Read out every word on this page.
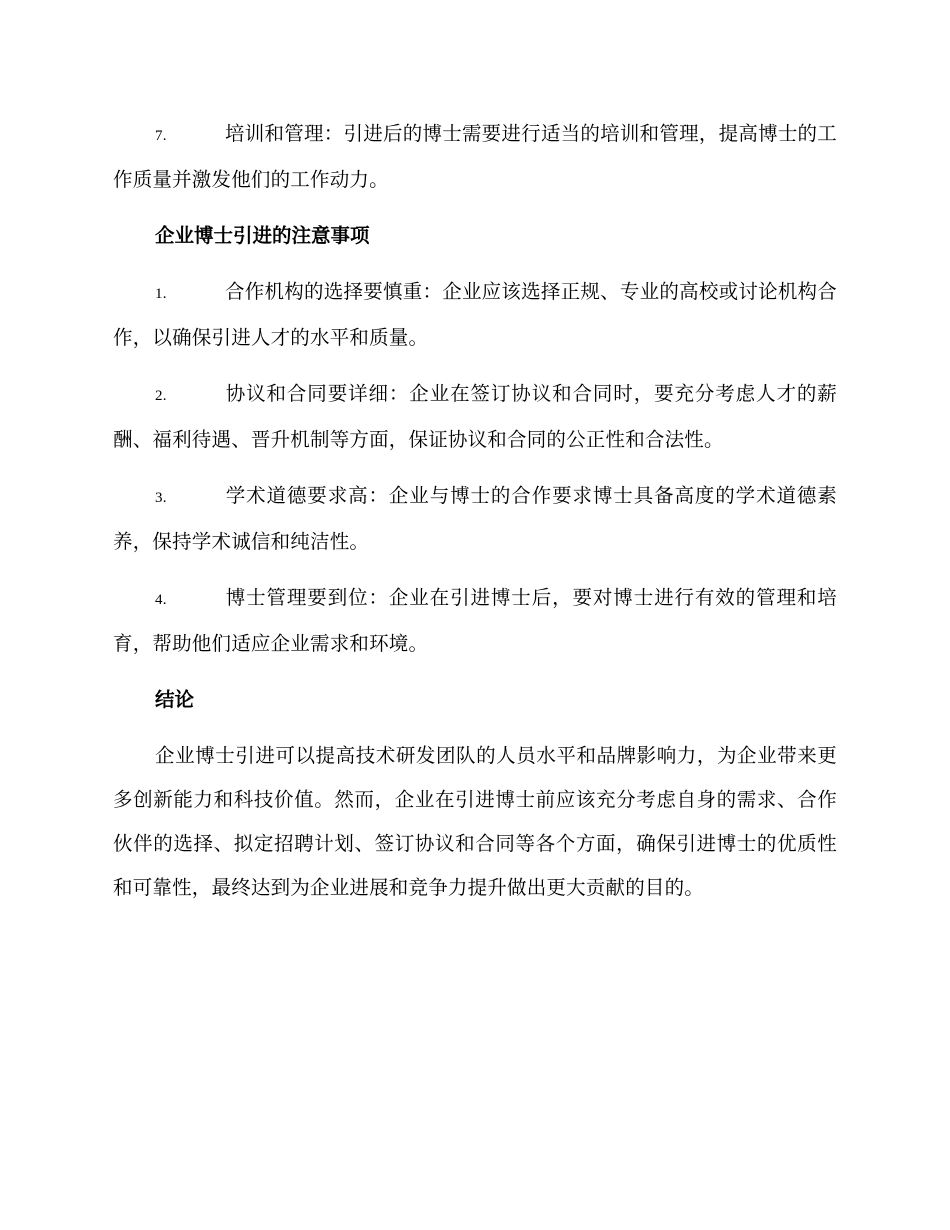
7.	培训和管理：引进后的博士需要进行适当的培训和管理，提高博士的工作质量并激发他们的工作动力。

企业博士引进的注意事项

1.	合作机构的选择要慎重：企业应该选择正规、专业的高校或讨论机构合作，以确保引进人才的水平和质量。

2.	协议和合同要详细：企业在签订协议和合同时，要充分考虑人才的薪酬、福利待遇、晋升机制等方面，保证协议和合同的公正性和合法性。

3.	学术道德要求高：企业与博士的合作要求博士具备高度的学术道德素养，保持学术诚信和纯洁性。

4.	博士管理要到位：企业在引进博士后，要对博士进行有效的管理和培育，帮助他们适应企业需求和环境。

结论

企业博士引进可以提高技术研发团队的人员水平和品牌影响力，为企业带来更多创新能力和科技价值。然而，企业在引进博士前应该充分考虑自身的需求、合作伙伴的选择、拟定招聘计划、签订协议和合同等各个方面，确保引进博士的优质性和可靠性，最终达到为企业进展和竞争力提升做出更大贡献的目的。
